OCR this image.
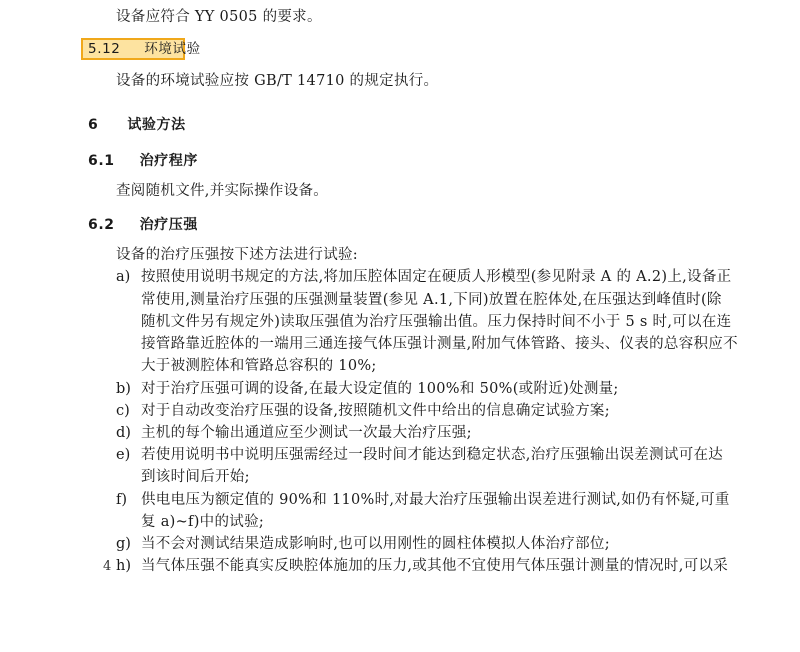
设备应符合 YY 0505 的要求。
5.12 环境试验
设备的环境试验应按 GB/T 14710 的规定执行。
6 试验方法
6.1 治疗程序
查阅随机文件,并实际操作设备。
6.2 治疗压强
设备的治疗压强按下述方法进行试验:
a) 按照使用说明书规定的方法,将加压腔体固定在硬质人形模型(参见附录 A 的 A.2)上,设备正
常使用,测量治疗压强的压强测量装置(参见 A.1,下同)放置在腔体处,在压强达到峰值时(除
随机文件另有规定外)读取压强值为治疗压强输出值。压力保持时间不小于 5 s 时,可以在连
接管路靠近腔体的一端用三通连接气体压强计测量,附加气体管路、接头、仪表的总容积应不
大于被测腔体和管路总容积的 10%;
b) 对于治疗压强可调的设备,在最大设定值的 100%和 50%(或附近)处测量;
c) 对于自动改变治疗压强的设备,按照随机文件中给出的信息确定试验方案;
d) 主机的每个输出通道应至少测试一次最大治疗压强;
e) 若使用说明书中说明压强需经过一段时间才能达到稳定状态,治疗压强输出误差测试可在达
到该时间后开始;
f) 供电电压为额定值的 90%和 110%时,对最大治疗压强输出误差进行测试,如仍有怀疑,可重
复 a)~f)中的试验;
g) 当不会对测试结果造成影响时,也可以用刚性的圆柱体模拟人体治疗部位;
h) 当气体压强不能真实反映腔体施加的压力,或其他不宜使用气体压强计测量的情况时,可以采
4
